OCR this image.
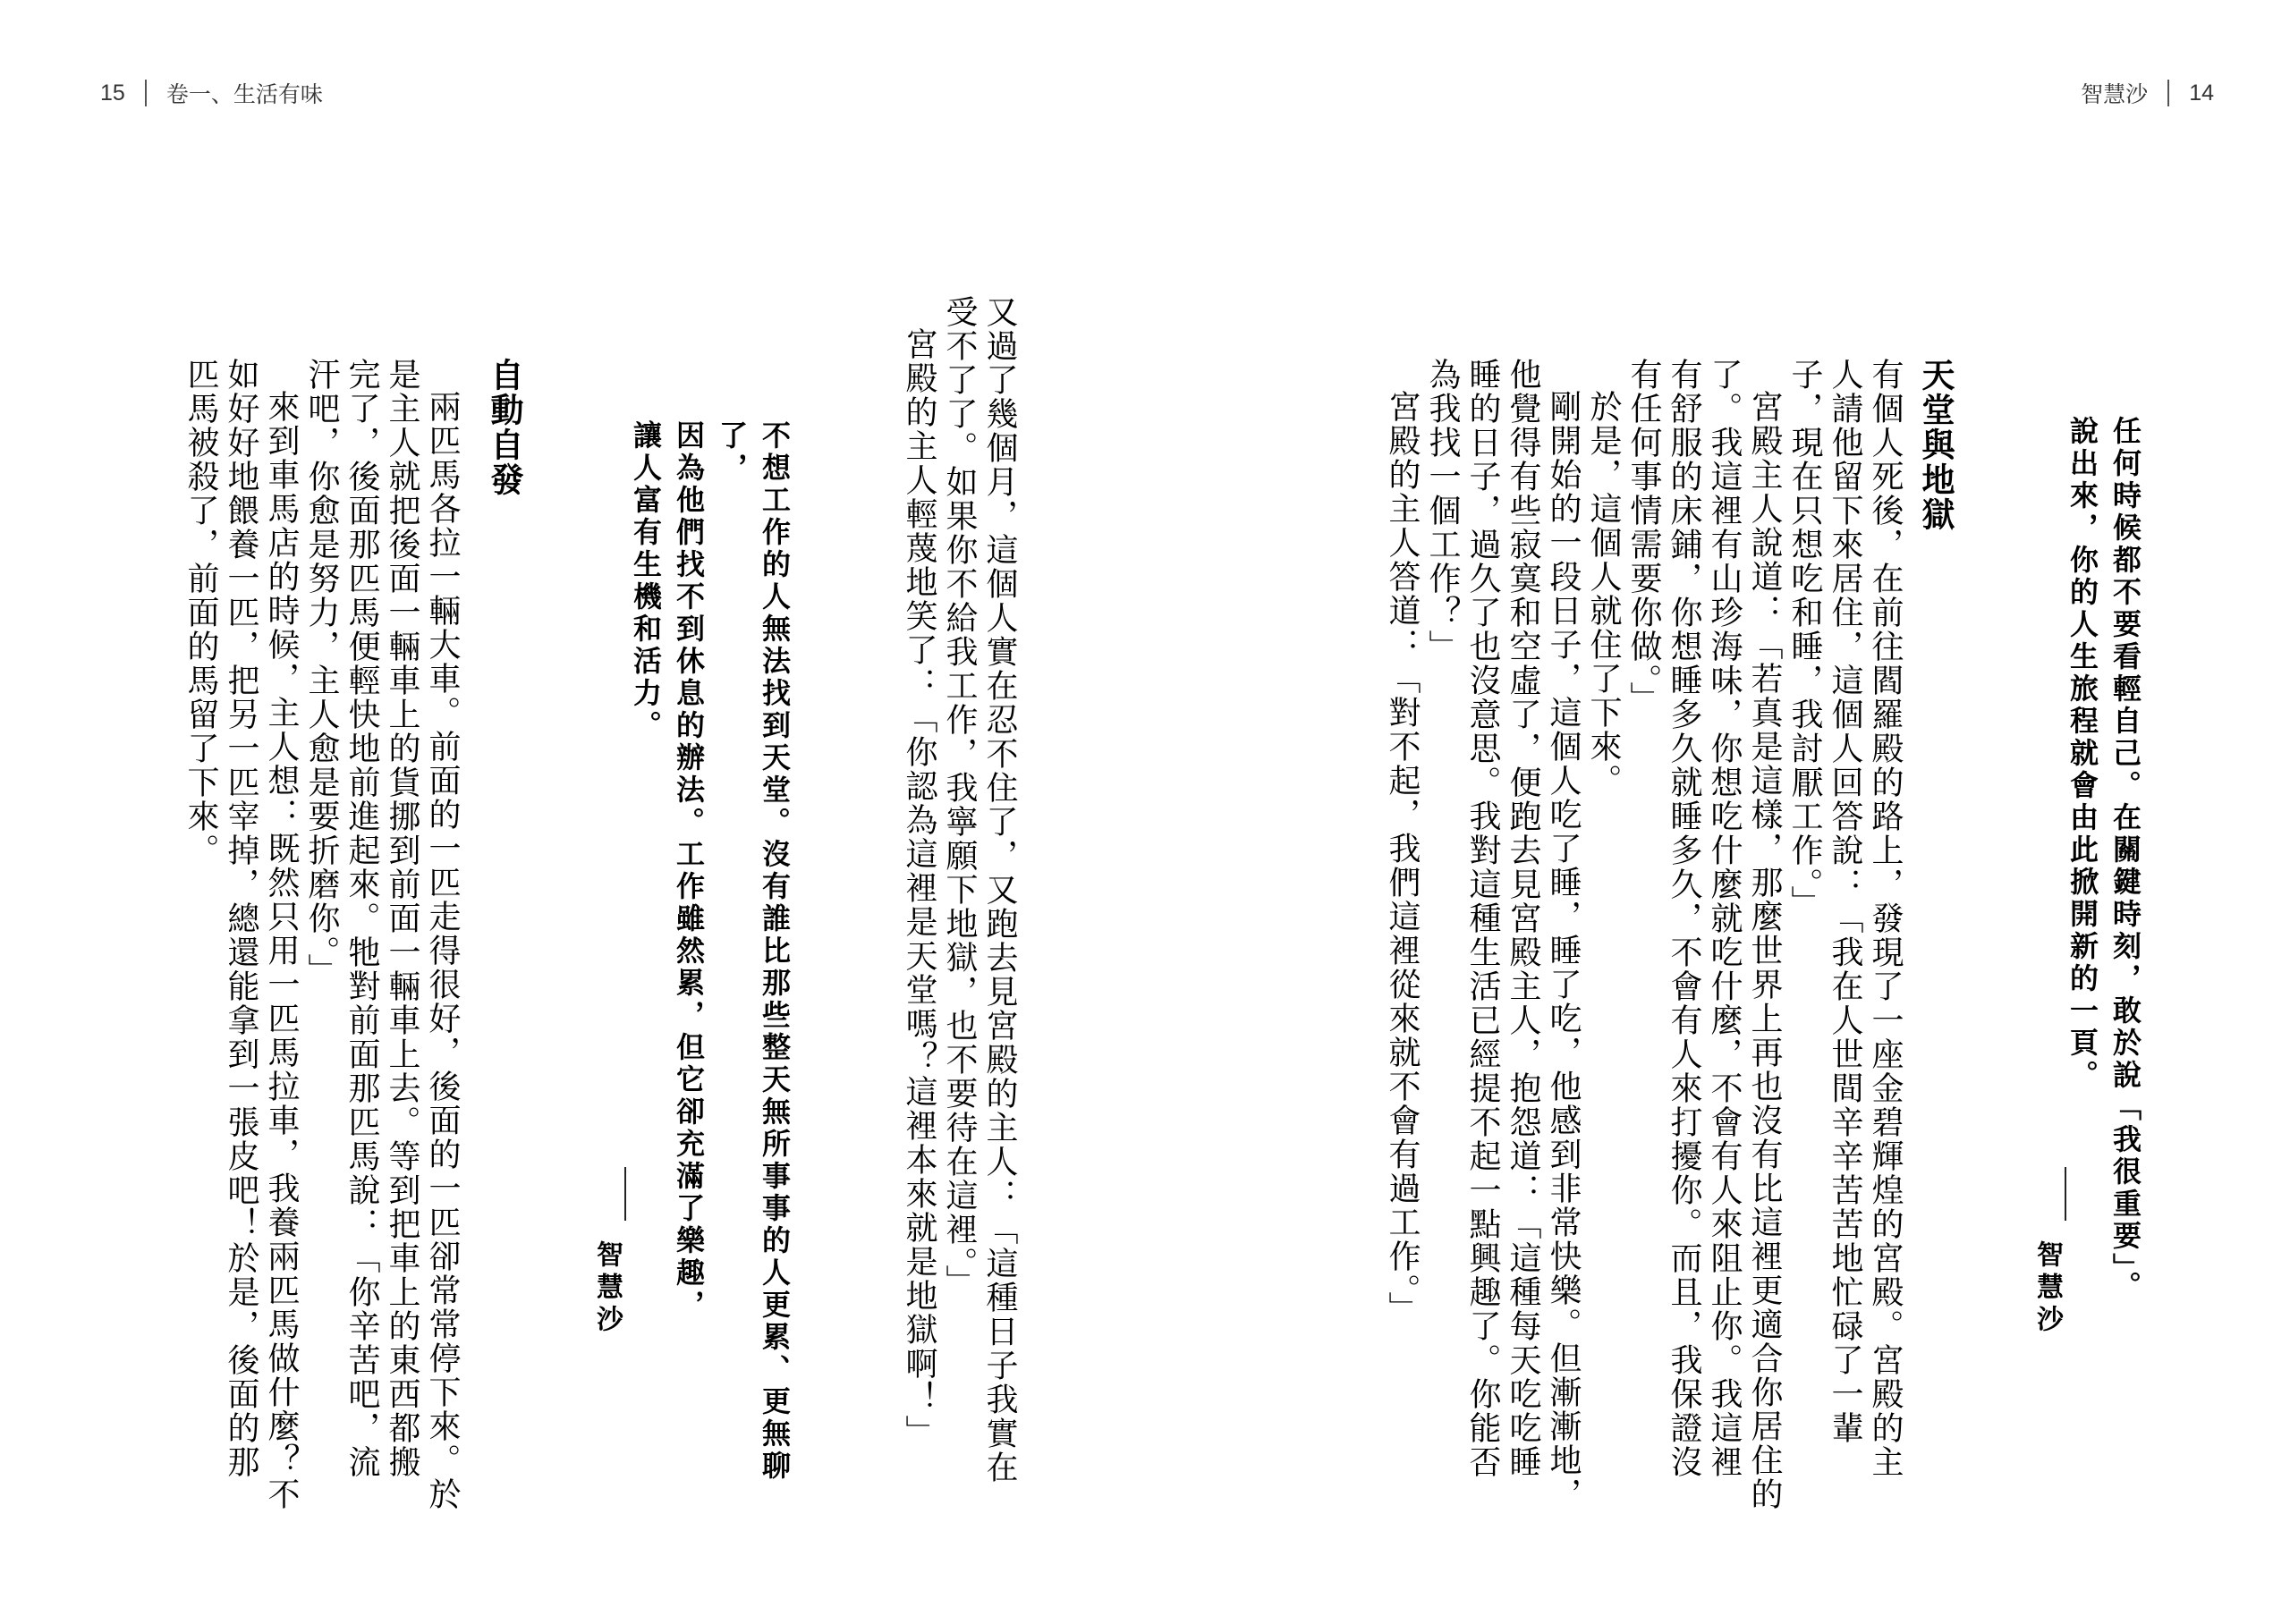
15 卷一、生活有味

又過了幾個月，這個人實在忍不住了，又跑去見宮殿的主人：「這種日子我實在受不了了。如果你不給我工作，我寧願下地獄，也不要待在這裡。」

宮殿的主人輕蔑地笑了：「你認為這裡是天堂嗎？這裡本來就是地獄啊！」

不想工作的人無法找到天堂。沒有誰比那些整天無所事事的人更累、更無聊了，

因為他們找不到休息的辦法。工作雖然累，但它卻充滿了樂趣，

讓人富有生機和活力。

智慧沙
自動自發

兩匹馬各拉一輛大車。前面的一匹走得很好，後面的一匹卻常常停下來。於是主人就把後面一輛車上的貨挪到前面一輛車上去。等到把車上的東西都搬完了，後面那匹馬便輕快地前進起來。牠對前面那匹馬說：「你辛苦吧，流汗吧，你愈是努力，主人愈是要折磨你。」

來到車馬店的時候，主人想：既然只用一匹馬拉車，我養兩匹馬做什麼？不如好好地餵養一匹，把另一匹宰掉，總還能拿到一張皮吧！於是，後面的那匹馬被殺了，前面的馬留了下來。

智慧沙 14

任何時候都不要看輕自己。在關鍵時刻，敢於說「我很重要」。

說出來，你的人生旅程就會由此掀開新的一頁。

智慧沙
天堂與地獄

有個人死後，在前往閻羅殿的路上，發現了一座金碧輝煌的宮殿。宮殿的主人請他留下來居住，這個人回答說：「我在人世間辛辛苦苦地忙碌了一輩子，現在只想吃和睡，我討厭工作。」

宮殿主人說道：「若真是這樣，那麼世界上再也沒有比這裡更適合你居住的了。我這裡有山珍海味，你想吃什麼就吃什麼，不會有人來阻止你。我這裡有舒服的床鋪，你想睡多久就睡多久，不會有人來打擾你。而且，我保證沒有任何事情需要你做。」

於是，這個人就住了下來。

剛開始的一段日子，這個人吃了睡，睡了吃，他感到非常快樂。但漸漸地，他覺得有些寂寞和空虛了，便跑去見宮殿主人，抱怨道：「這種每天吃吃睡睡的日子，過久了也沒意思。我對這種生活已經提不起一點興趣了。你能否為我找一個工作？」

宮殿的主人答道：「對不起，我們這裡從來就不會有過工作。」
